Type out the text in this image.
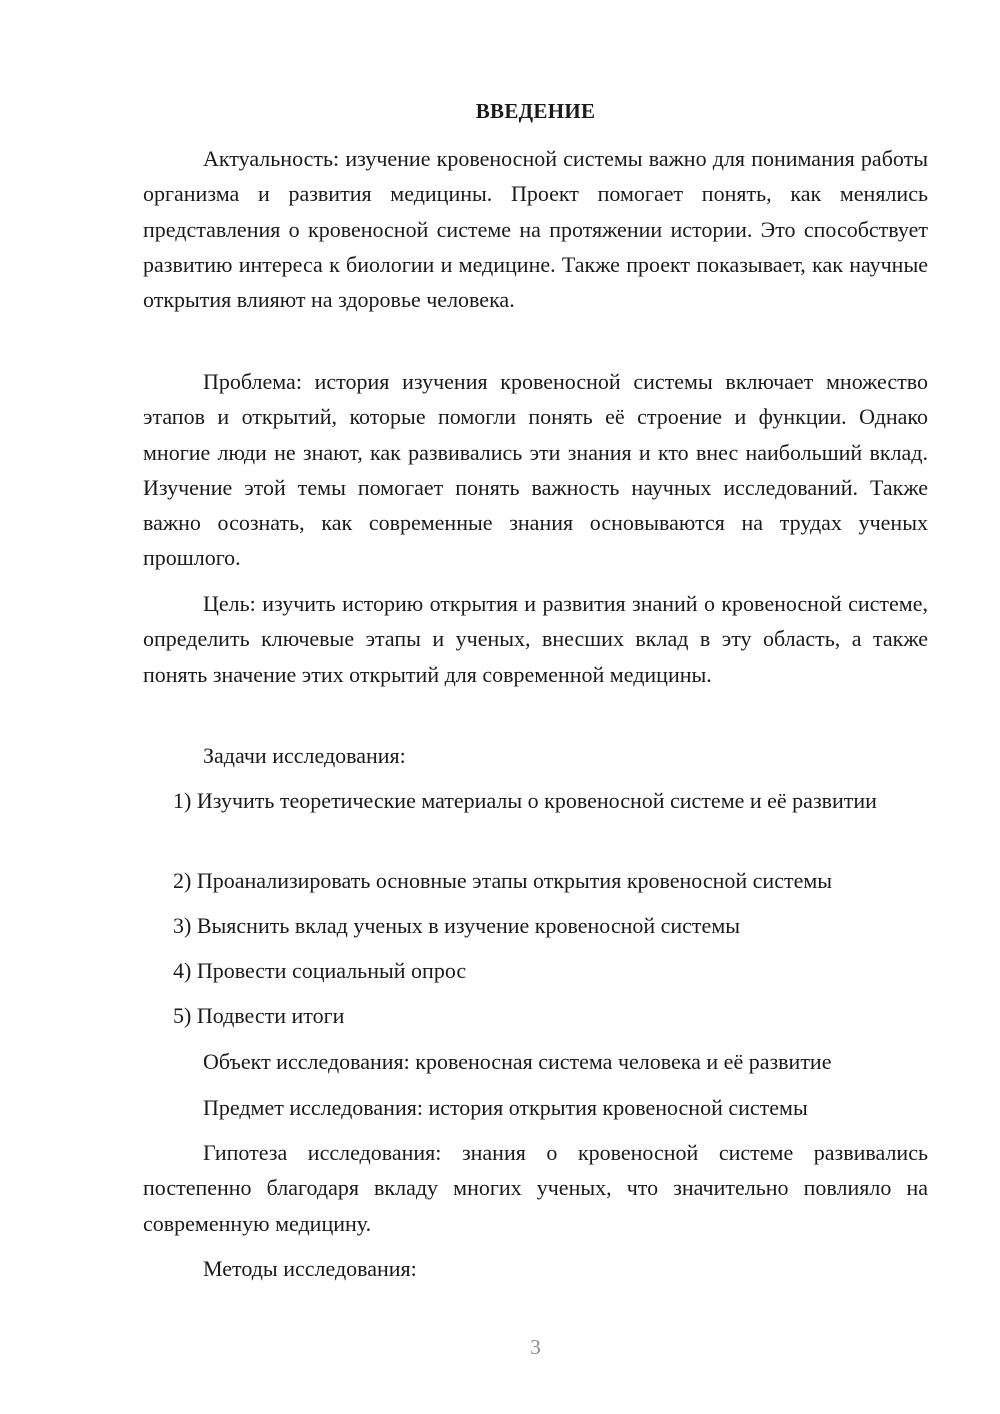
ВВЕДЕНИЕ

Актуальность: изучение кровеносной системы важно для понимания работы организма и развития медицины. Проект помогает понять, как менялись представления о кровеносной системе на протяжении истории. Это способствует развитию интереса к биологии и медицине. Также проект показывает, как научные открытия влияют на здоровье человека.

Проблема: история изучения кровеносной системы включает множество этапов и открытий, которые помогли понять её строение и функции. Однако многие люди не знают, как развивались эти знания и кто внес наибольший вклад. Изучение этой темы помогает понять важность научных исследований. Также важно осознать, как современные знания основываются на трудах ученых прошлого.

Цель: изучить историю открытия и развития знаний о кровеносной системе, определить ключевые этапы и ученых, внесших вклад в эту область, а также понять значение этих открытий для современной медицины.

Задачи исследования:

1) Изучить теоретические материалы о кровеносной системе и её развитии

2) Проанализировать основные этапы открытия кровеносной системы

3) Выяснить вклад ученых в изучение кровеносной системы

4) Провести социальный опрос

5) Подвести итоги

Объект исследования: кровеносная система человека и её развитие

Предмет исследования: история открытия кровеносной системы

Гипотеза исследования: знания о кровеносной системе развивались постепенно благодаря вкладу многих ученых, что значительно повлияло на современную медицину.

Методы исследования:

3
